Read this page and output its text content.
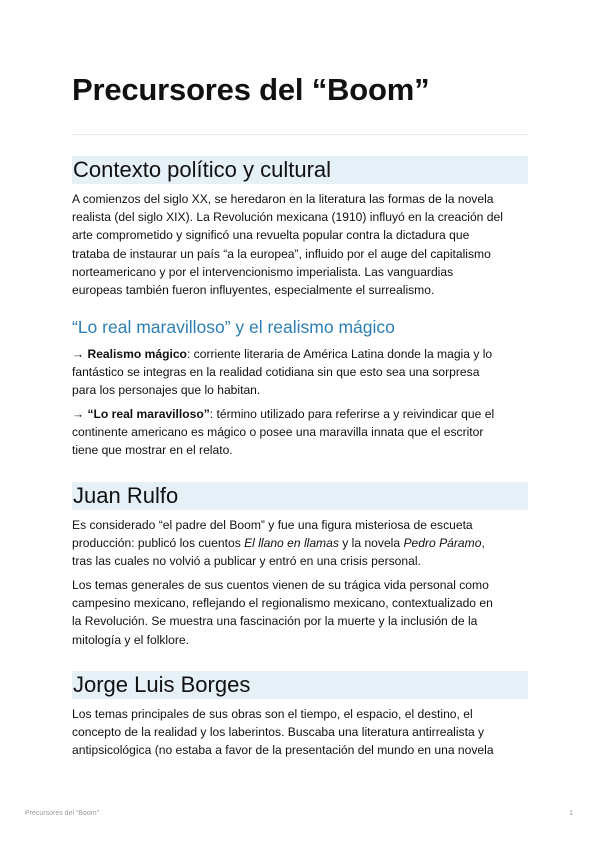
Precursores del “Boom”
Contexto político y cultural
A comienzos del siglo XX, se heredaron en la literatura las formas de la novela
realista (del siglo XIX). La Revolución mexicana (1910) influyó en la creación del
arte comprometido y significó una revuelta popular contra la dictadura que
trataba de instaurar un país “a la europea”, influido por el auge del capitalismo
norteamericano y por el intervencionismo imperialista. Las vanguardias
europeas también fueron influyentes, especialmente el surrealismo.
“Lo real maravilloso” y el realismo mágico
→ Realismo mágico: corriente literaria de América Latina donde la magia y lo
fantástico se integras en la realidad cotidiana sin que esto sea una sorpresa
para los personajes que lo habitan.
→ “Lo real maravilloso”: término utilizado para referirse a y reivindicar que el
continente americano es mágico o posee una maravilla innata que el escritor
tiene que mostrar en el relato.
Juan Rulfo
Es considerado “el padre del Boom” y fue una figura misteriosa de escueta
producción: publicó los cuentos El llano en llamas y la novela Pedro Páramo,
tras las cuales no volvió a publicar y entró en una crisis personal.
Los temas generales de sus cuentos vienen de su trágica vida personal como
campesino mexicano, reflejando el regionalismo mexicano, contextualizado en
la Revolución. Se muestra una fascinación por la muerte y la inclusión de la
mitología y el folklore.
Jorge Luis Borges
Los temas principales de sus obras son el tiempo, el espacio, el destino, el
concepto de la realidad y los laberintos. Buscaba una literatura antirrealista y
antipsicológica (no estaba a favor de la presentación del mundo en una novela
Precursores del “Boom”	1
